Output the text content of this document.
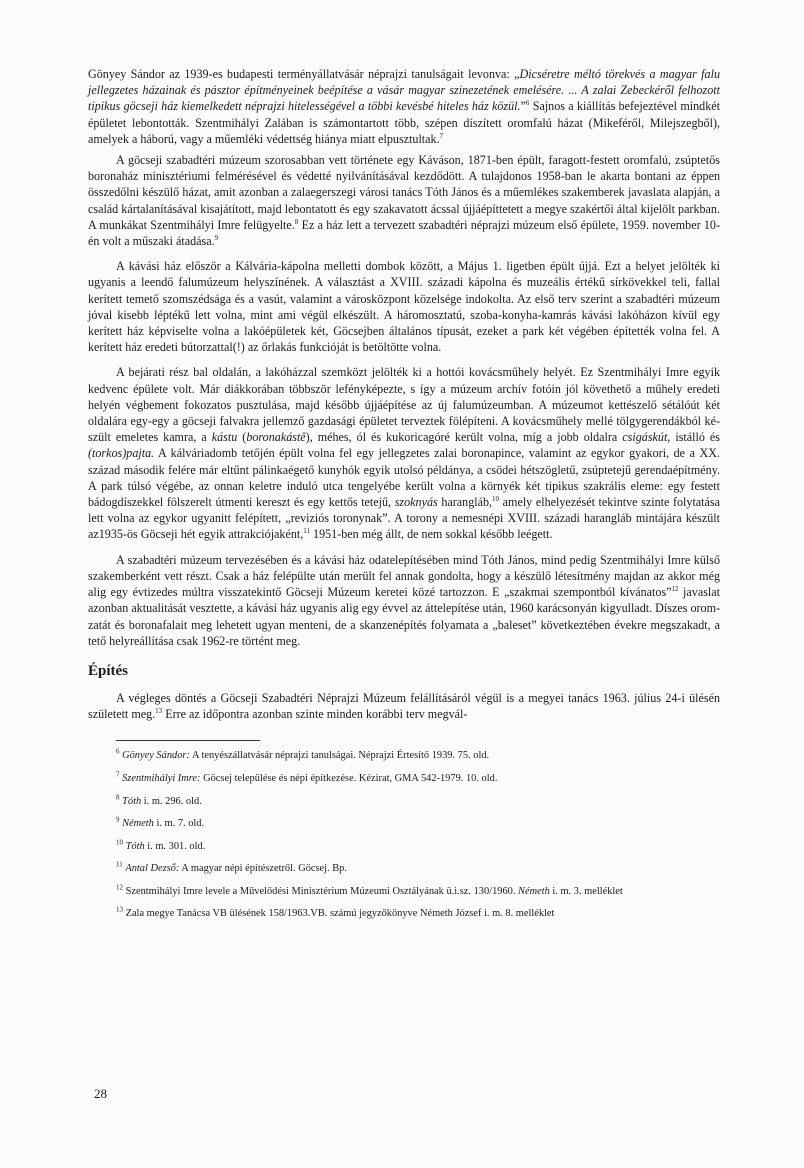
Gönyey Sándor az 1939-es budapesti terményállatvásár néprajzi tanulságait levonva: „Dicséretre méltó törekvés a magyar falu jellegzetes házainak és pásztor építményeinek beépítése a vásár magyar szinezetének emelésére. ... A zalai Zebeckéről felhozott tipikus göcseji ház kiemelkedett néprajzi hitelességével a többi kevésbé hiteles ház közül.”$^6$ Sajnos a kiállítás befejeztével mindkét épületet lebontották. Szentmihályi Zalában is számontartott több, szépen díszített oromfalú házat (Mikeféről, Milejszegből), amelyek a háború, vagy a műemléki védettség hiánya miatt elpusztultak.$^7$

A göcseji szabadtéri múzeum szorosabban vett története egy Káváson, 1871-ben épült, faragott-festett oromfalú, zsúptetős boronaház minisztériumi felmérésével és védetté nyilvánításával kezdődött. A tulajdonos 1958-ban le akarta bontani az éppen összedőlni készülő házat, amit azonban a zalaegerszegi városi tanács Tóth János és a műemlékes szakemberek javaslata alapján, a család kártalanításával kisajátított, majd lebontatott és egy szakavatott ácssal újjáépíttetett a megye szakértői által kijelölt parkban. A munkákat Szentmihályi Imre felügyelte.$^8$ Ez a ház lett a tervezett szabadtéri néprajzi múzeum első épülete, 1959. november 10-én volt a műszaki átadása.$^9$

A kávási ház először a Kálvária-kápolna melletti dombok között, a Május 1. ligetben épült újjá. Ezt a helyet jelölték ki ugyanis a leendő falumúzeum helyszínének. A választást a XVIII. századi kápolna és muzeális értékű sírkövekkel teli, fallal kerített temető szomszédsága és a vasút, valamint a városközpont közelsége indokolta. Az első terv szerint a szabadtéri múzeum jóval kisebb léptékű lett volna, mint ami végül elkészült. A háromosztatú, szoba-konyha-kamrás kávási lakóházon kívül egy kerített ház képviselte volna a lakóépületek két, Göcsejben általános típusát, ezeket a park két végében építették volna fel. A kerített ház eredeti bútorzattal(!) az őrlakás funkcióját is betöltötte volna.

A bejárati rész bal oldalán, a lakóházzal szemközt jelölték ki a hottói kovácsműhely helyét. Ez Szentmihályi Imre egyik kedvenc épülete volt. Már diákkorában többször lefényképezte, s így a múzeum archív fotóin jól követhető a műhely eredeti helyén végbement fokozatos pusztulása, majd később újjáépítése az új falumúzeumban. A múzeumot kettészelő sétálóút két oldalára egy-egy a göcseji falvakra jellemző gazdasági épületet terveztek fölépíteni. A kovácsműhely mellé tölgygerendákból készült emeletes kamra, a kástu (boronakástê), méhes, ól és kukoricagóré került volna, míg a jobb oldalra csigáskút, istálló és (torkos)pajta. A kálváriadomb tetőjén épült volna fel egy jellegzetes zalai boronapince, valamint az egykor gyakori, de a XX. század második felére már eltűnt pálinkaégető kunyhók egyik utolsó példánya, a csödei hétszögletű, zsúptetejű gerendaépítmény. A park túlsó végébe, az onnan keletre induló utca tengelyébe került volna a környék két tipikus szakrális eleme: egy festett bádogdíszekkel fölszerelt útmenti kereszt és egy kettős tetejű, szoknyás harangláb,$^{10}$ amely elhelyezését tekintve szinte folytatása lett volna az egykor ugyanitt felépített, „reviziós toronynak”. A torony a nemesnépi XVIII. századi harangláb mintájára készült az1935-ös Göcseji hét egyik attrakciójaként,$^{11}$ 1951-ben még állt, de nem sokkal később leégett.

A szabadtéri múzeum tervezésében és a kávási ház odatelepítésében mind Tóth János, mind pedig Szentmihályi Imre külső szakemberként vett részt. Csak a ház felépülte után merült fel annak gondolta, hogy a készülő létesítmény majdan az akkor még alig egy évtizedes múltra visszatekintő Göcseji Múzeum keretei közé tartozzon. E „szakmai szempontból kívánatos”$^{12}$ javaslat azonban aktualitását vesztette, a kávási ház ugyanis alig egy évvel az áttelepítése után, 1960 karácsonyán kigyulladt. Díszes oromzatát és boronafalait meg lehetett ugyan menteni, de a skanzenépítés folyamata a „baleset” következtében évekre megszakadt, a tető helyreállítása csak 1962-re történt meg.

Építés

A végleges döntés a Göcseji Szabadtéri Néprajzi Múzeum felállításáról végül is a megyei tanács 1963. július 24-i ülésén született meg.$^{13}$ Erre az időpontra azonban szinte minden korábbi terv megvál-

$^6$ Gönyey Sándor: A tenyészállatvásár néprajzi tanulságai. Néprajzi Értesítő 1939. 75. old.
$^7$ Szentmihályi Imre: Göcsej települése és népi építkezése. Kézirat, GMA 542-1979. 10. old.
$^8$ Tóth i. m. 296. old.
$^9$ Németh i. m. 7. old.
$^{10}$ Tóth i. m. 301. old.
$^{11}$ Antal Dezső: A magyar népi építészetről. Göcsej. Bp.
$^{12}$ Szentmihályi Imre levele a Művelődési Minisztérium Múzeumi Osztályának ü.i.sz. 130/1960. Németh i. m. 3. melléklet
$^{13}$ Zala megye Tanácsa VB ülésének 158/1963.VB. számú jegyzőkönyve Németh József i. m. 8. melléklet
28
